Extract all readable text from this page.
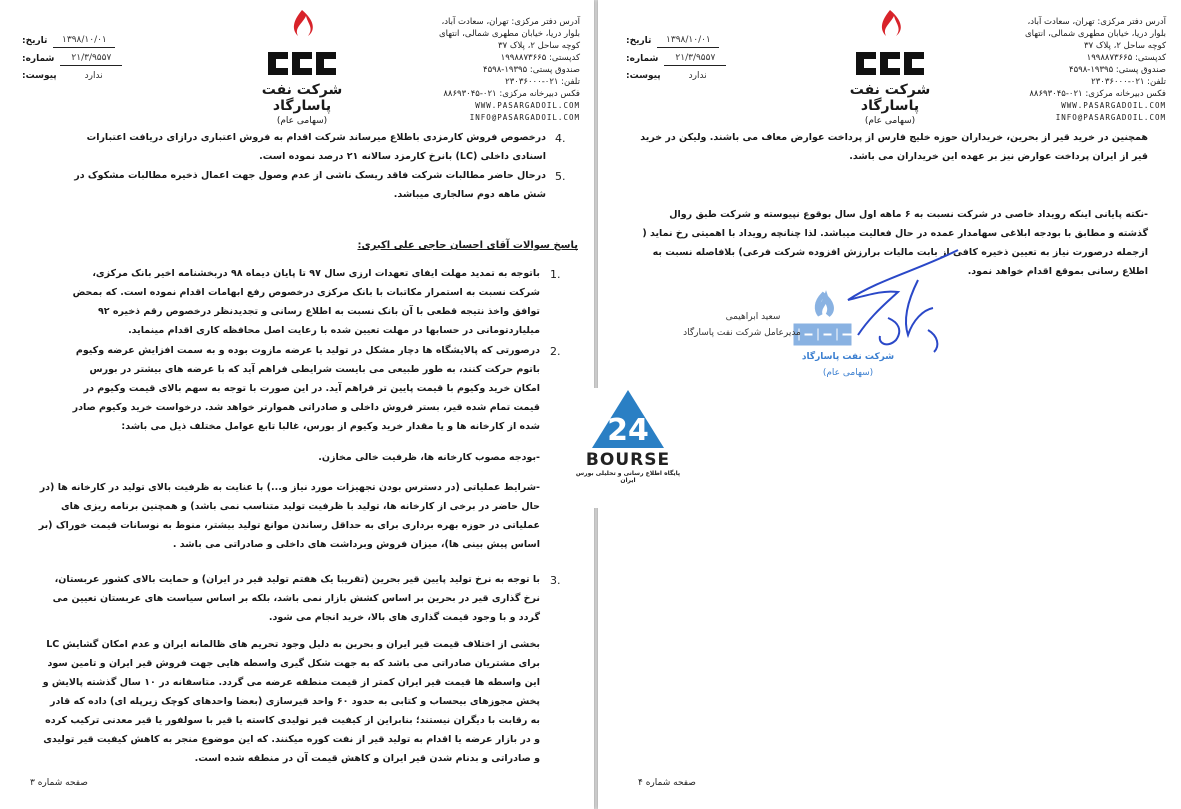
۱۳۹۸/۱۰/۰۱
تاریخ:
۲۱/۳/۹۵۵۷
شماره:
ندارد
پیوست:
شرکت نفت پاسارگاد
(سهامی عام)
آدرس دفتر مرکزی: تهران، سعادت آباد،
بلوار دریا، خیابان مطهری شمالی، انتهای
کوچه ساحل ۲، پلاک ۳۷
کدپستی: ۱۹۹۸۸۷۳۶۶۵
صندوق پستی: ۱۹۳۹۵-۴۵۹۸
تلفن: ۰۲۱-۲۳۰۳۶۰۰۰
فکس دبیرخانه مرکزی: ۰۲۱-۸۸۶۹۳۰۴۵
WWW.PASARGADOIL.COM
INFO@PASARGADOIL.COM
4.
درخصوص فروش کارمزدی باطلاع میرساند شرکت اقدام به فروش اعتباری درازای دریافت اعتبارات اسنادی داخلی (LC) بانرخ کارمزد سالانه ۲۱ درصد نموده است.
5.
درحال حاضر مطالبات شرکت فاقد ریسک ناشی از عدم وصول جهت اعمال ذخیره مطالبات مشکوک در شش ماهه دوم سالجاری میباشد.
پاسخ سوالات آقای احسان حاجی علی اکبری:
1.
باتوجه به تمدید مهلت ایفای تعهدات ارزی سال ۹۷ تا پایان دیماه ۹۸ دربخشنامه اخیر بانک مرکزی، شرکت نسبت به استمرار مکاتبات با بانک مرکزی درخصوص رفع ابهامات اقدام نموده است. که بمحض توافق واخذ نتیجه قطعی با آن بانک نسبت به اطلاع رسانی و تجدیدنظر درخصوص رقم ذخیره ۹۲ میلیاردتومانی در حسابها در مهلت تعیین شده با رعایت اصل محافظه کاری اقدام مینماید.
2.
درصورتی که پالایشگاه ها دچار مشکل در تولید یا عرضه مازوت بوده و به سمت افزایش عرضه وکیوم باتوم حرکت کنند، به طور طبیعی می بایست شرایطی فراهم آید که با عرضه های بیشتر در بورس امکان خرید وکیوم با قیمت پایین تر فراهم آید. در این صورت با توجه به سهم بالای قیمت وکیوم در قیمت تمام شده قیر، بستر فروش داخلی و صادراتی هموارتر خواهد شد. درخواست خرید وکیوم صادر شده از کارخانه ها و یا مقدار خرید وکیوم از بورس، غالبا تابع عوامل مختلف ذیل می باشد:
-بودجه مصوب کارخانه ها، ظرفیت خالی مخازن.
-شرایط عملیاتی (در دسترس بودن تجهیزات مورد نیاز و...) با عنایت به ظرفیت بالای تولید در کارخانه ها (در حال حاضر در برخی از کارخانه ها، تولید با ظرفیت تولید متناسب نمی باشد) و همچنین برنامه ریزی های عملیاتی در حوزه بهره برداری برای به حداقل رساندن موانع تولید بیشتر، منوط به نوسانات قیمت خوراک (بر اساس پیش بینی ها)، میزان فروش وبرداشت های داخلی و صادراتی می باشد .
3.
با توجه به نرخ تولید پایین قیر بحرین (تقریبا یک هفتم تولید قیر در ایران) و حمایت بالای کشور عربستان، نرخ گذاری قیر در بحرین بر اساس کشش بازار نمی باشد، بلکه بر اساس سیاست های عربستان تعیین می گردد و با وجود قیمت گذاری های بالا، خرید انجام می شود.
بخشی از اختلاف قیمت قیر ایران و بحرین به دلیل وجود تحریم های ظالمانه ایران و عدم امکان گشایش LC برای مشتریان صادراتی می باشد که به جهت شکل گیری واسطه هایی جهت فروش قیر ایران و تامین سود این واسطه ها قیمت قیر ایران کمتر از قیمت منطقه عرضه می گردد. متاسفانه در ۱۰ سال گذشته پالایش و پخش مجوزهای بیحساب و کتابی به حدود ۶۰ واحد قیرسازی (بعضا واحدهای کوچک زیرپله ای) داده که قادر به رقابت با دیگران نیستند؛ بنابراین از کیفیت قیر تولیدی کاسته یا قیر با سولفور یا قیر معدنی ترکیب کرده و در بازار عرضه یا اقدام به تولید قیر از نفت کوره میکنند. که این موضوع منجر به کاهش کیفیت قیر تولیدی و صادراتی و بدنام شدن قیر ایران و کاهش قیمت آن در منطقه شده است.
صفحه شماره ۳
۱۳۹۸/۱۰/۰۱
تاریخ:
۲۱/۳/۹۵۵۷
شماره:
ندارد
پیوست:
شرکت نفت پاسارگاد
(سهامی عام)
آدرس دفتر مرکزی: تهران، سعادت آباد،
بلوار دریا، خیابان مطهری شمالی، انتهای
کوچه ساحل ۲، پلاک ۳۷
کدپستی: ۱۹۹۸۸۷۳۶۶۵
صندوق پستی: ۱۹۳۹۵-۴۵۹۸
تلفن: ۰۲۱-۲۳۰۳۶۰۰۰
فکس دبیرخانه مرکزی: ۰۲۱-۸۸۶۹۳۰۴۵
WWW.PASARGADOIL.COM
INFO@PASARGADOIL.COM
همچنین در خرید قیر از بحرین، خریداران حوزه خلیج فارس از پرداخت عوارض معاف می باشند. ولیکن در خرید قیر از ایران پرداخت عوارض نیز بر عهده این خریداران می باشد.
-نکته پایانی اینکه رویداد خاصی در شرکت نسبت به ۶ ماهه اول سال بوقوع نپیوسته و شرکت طبق روال گذشته و مطابق با بودجه ابلاغی سهامدار عمده در حال فعالیت میباشد. لذا چنانچه رویداد با اهمیتی رخ نماید ( ازجمله درصورت نیاز به تعیین ذخیره کافی از بابت مالیات برارزش افزوده شرکت فرعی) بلافاصله نسبت به اطلاع رسانی بموقع اقدام خواهد نمود.
سعید ابراهیمی
مدیرعامل شرکت نفت پاسارگاد
شرکت نفت پاسارگاد
(سهامی عام)
صفحه شماره ۴
24
BOURSE
پایگاه اطلاع رسانی و تحلیلی بورس ایران
